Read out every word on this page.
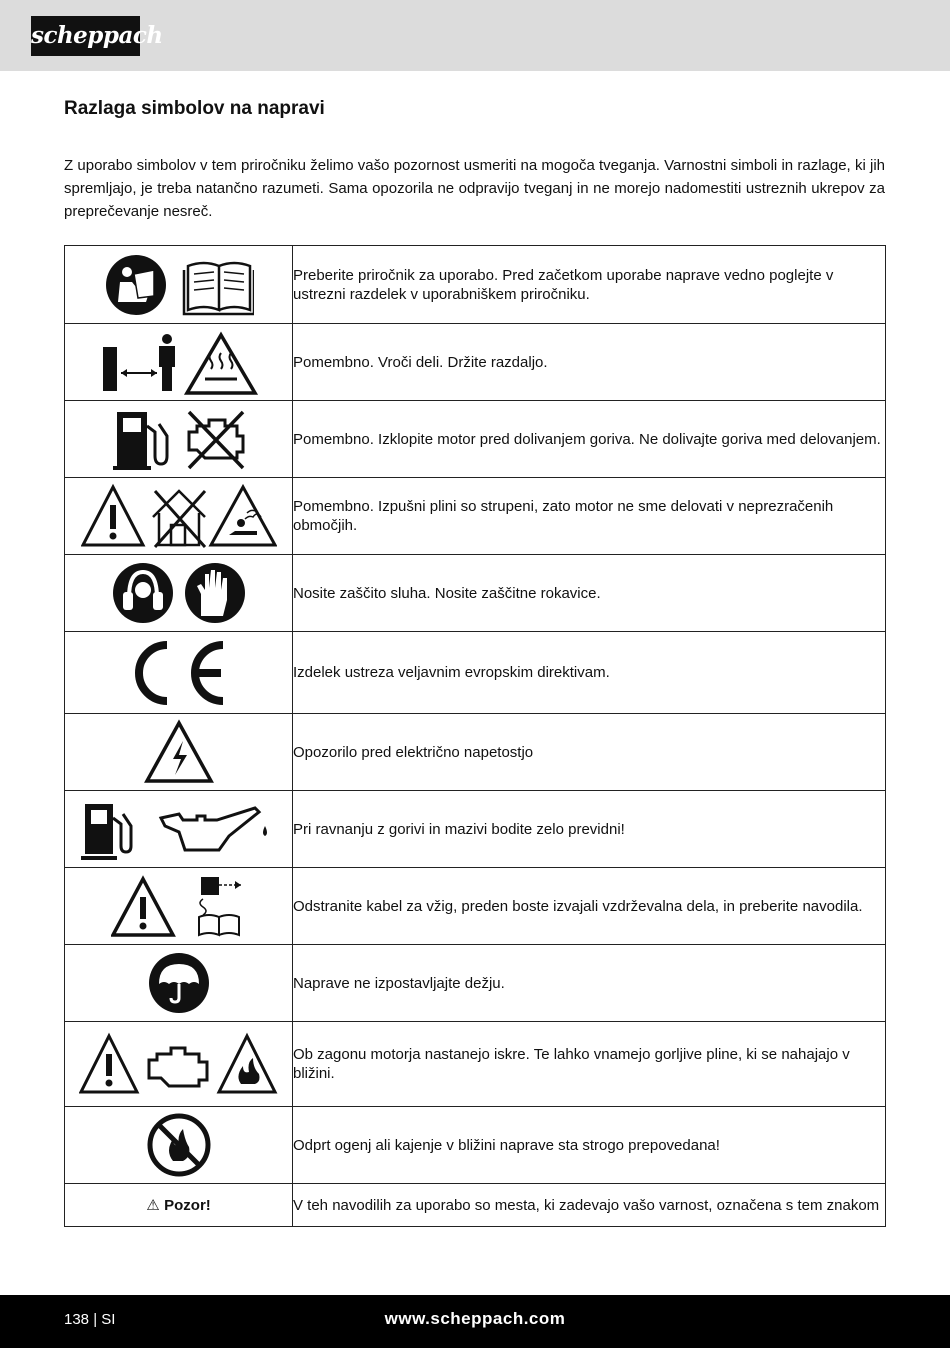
scheppach
Razlaga simbolov na napravi

Z uporabo simbolov v tem priročniku želimo vašo pozornost usmeriti na mogoča tveganja. Varnostni simboli in razlage, ki jih spremljajo, je treba natančno razumeti. Sama opozorila ne odpravijo tveganj in ne morejo nadomestiti ustreznih ukrepov za preprečevanje nesreč.

	Preberite priročnik za uporabo. Pred začetkom uporabe naprave vedno poglejte v ustrezni razdelek v uporabniškem priročniku.

	Pomembno. Vroči deli. Držite razdaljo.

	Pomembno. Izklopite motor pred dolivanjem goriva. Ne dolivajte goriva med delovanjem.

	Pomembno. Izpušni plini so strupeni, zato motor ne sme delovati v neprezračenih območjih.

	Nosite zaščito sluha. Nosite zaščitne rokavice.

	Izdelek ustreza veljavnim evropskim direktivam.

	Opozorilo pred električno napetostjo

	Pri ravnanju z gorivi in mazivi bodite zelo previdni!

	Odstranite kabel za vžig, preden boste izvajali vzdrževalna dela, in preberite navodila.

	Naprave ne izpostavljajte dežju.

	Ob zagonu motorja nastanejo iskre. Te lahko vnamejo gorljive pline, ki se nahajajo v bližini.

	Odprt ogenj ali kajenje v bližini naprave sta strogo prepovedana!
⚠ Pozor!	V teh navodilih za uporabo so mesta, ki zadevajo vašo varnost, označena s tem znakom
138 | SI	www.scheppach.com
